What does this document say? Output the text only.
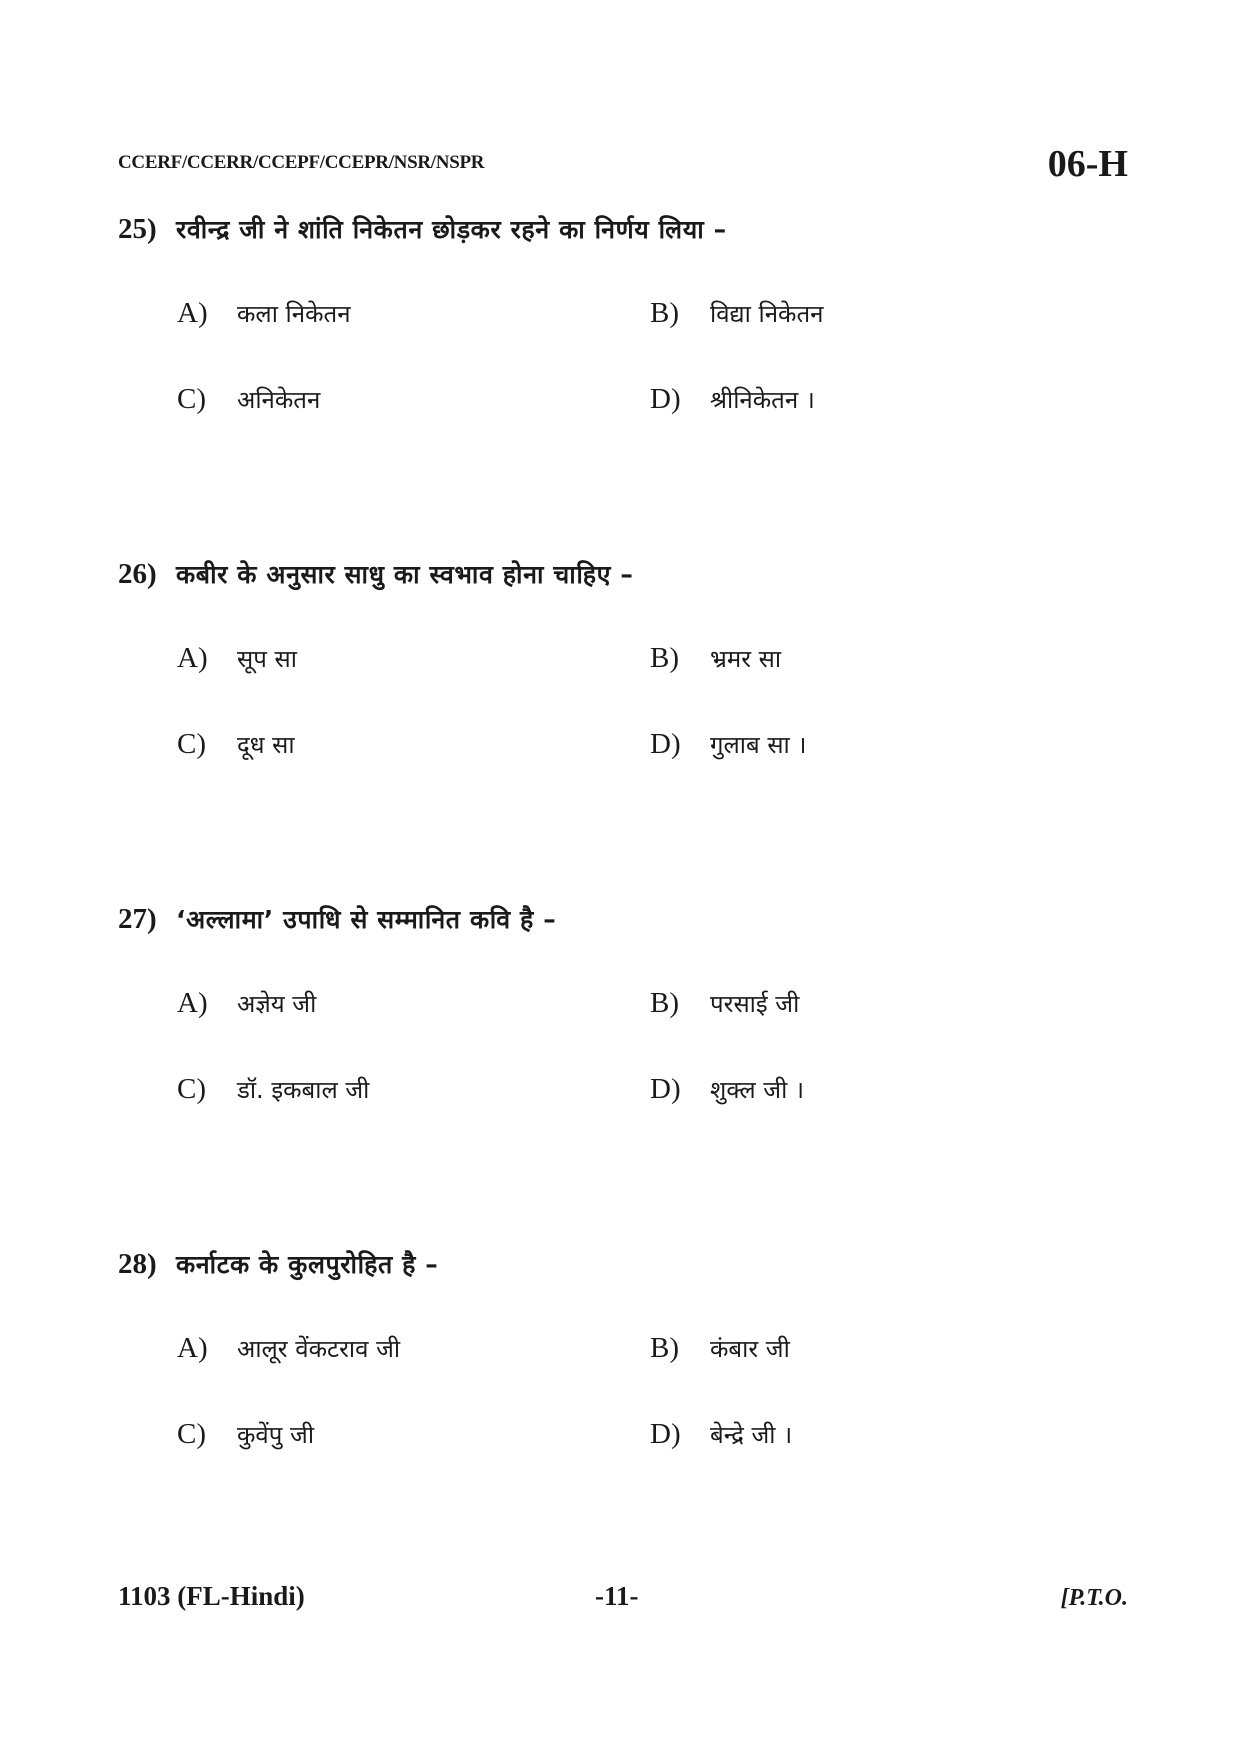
CCERF/CCERR/CCEPF/CCEPR/NSR/NSPR	06-H
25) रवीन्द्र जी ने शांति निकेतन छोड़कर रहने का निर्णय लिया –
A) कला निकेतन	B) विद्या निकेतन
C) अनिकेतन	D) श्रीनिकेतन ।
26) कबीर के अनुसार साधु का स्वभाव होना चाहिए –
A) सूप सा	B) भ्रमर सा
C) दूध सा	D) गुलाब सा ।
27) ‘अल्लामा’ उपाधि से सम्मानित कवि है –
A) अज्ञेय जी	B) परसाई जी
C) डॉ. इकबाल जी	D) शुक्ल जी ।
28) कर्नाटक के कुलपुरोहित है –
A) आलूर वेंकटराव जी	B) कंबार जी
C) कुवेंपु जी	D) बेन्द्रे जी ।
1103 (FL-Hindi)	-11-	[P.T.O.
